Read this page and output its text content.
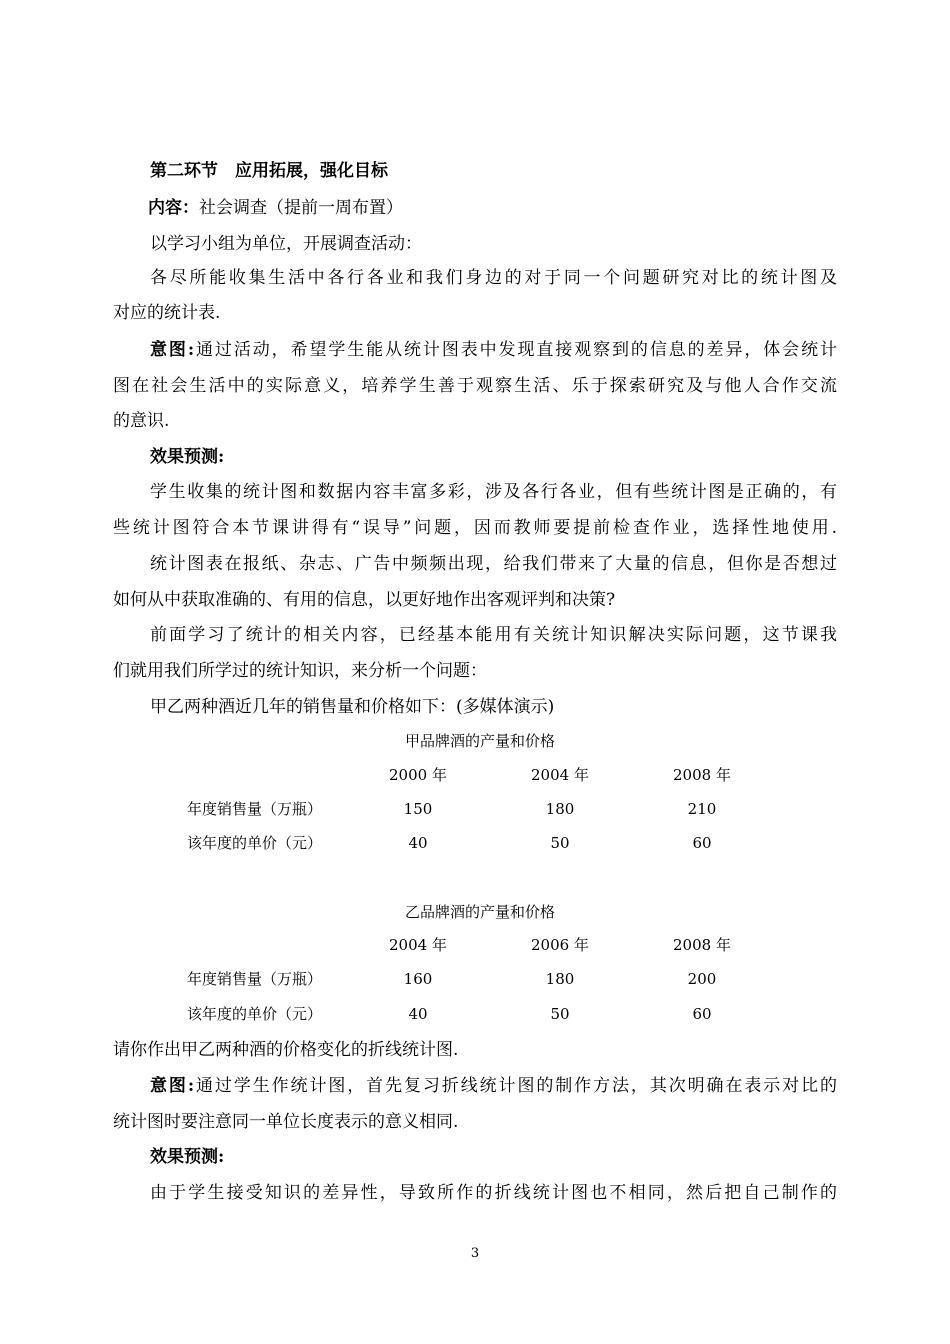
第二环节　应用拓展，强化目标
内容：社会调查（提前一周布置）
以学习小组为单位，开展调查活动：
各尽所能收集生活中各行各业和我们身边的对于同一个问题研究对比的统计图及
对应的统计表.
意图:通过活动，希望学生能从统计图表中发现直接观察到的信息的差异，体会统计
图在社会生活中的实际意义，培养学生善于观察生活、乐于探索研究及与他人合作交流
的意识.
效果预测:
学生收集的统计图和数据内容丰富多彩，涉及各行各业，但有些统计图是正确的，有
些统计图符合本节课讲得有“误导”问题，因而教师要提前检查作业，选择性地使用.
统计图表在报纸、杂志、广告中频频出现，给我们带来了大量的信息，但你是否想过
如何从中获取准确的、有用的信息，以更好地作出客观评判和决策?
前面学习了统计的相关内容，已经基本能用有关统计知识解决实际问题，这节课我
们就用我们所学过的统计知识，来分析一个问题：
甲乙两种酒近几年的销售量和价格如下：(多媒体演示)
甲品牌酒的产量和价格
2000 年	2004 年	2008 年
年度销售量（万瓶）	150	180	210
该年度的单价（元）	40	50	60
乙品牌酒的产量和价格
2004 年	2006 年	2008 年
年度销售量（万瓶）	160	180	200
该年度的单价（元）	40	50	60
请你作出甲乙两种酒的价格变化的折线统计图.
意图:通过学生作统计图，首先复习折线统计图的制作方法，其次明确在表示对比的
统计图时要注意同一单位长度表示的意义相同.
效果预测:
由于学生接受知识的差异性，导致所作的折线统计图也不相同，然后把自己制作的
3
